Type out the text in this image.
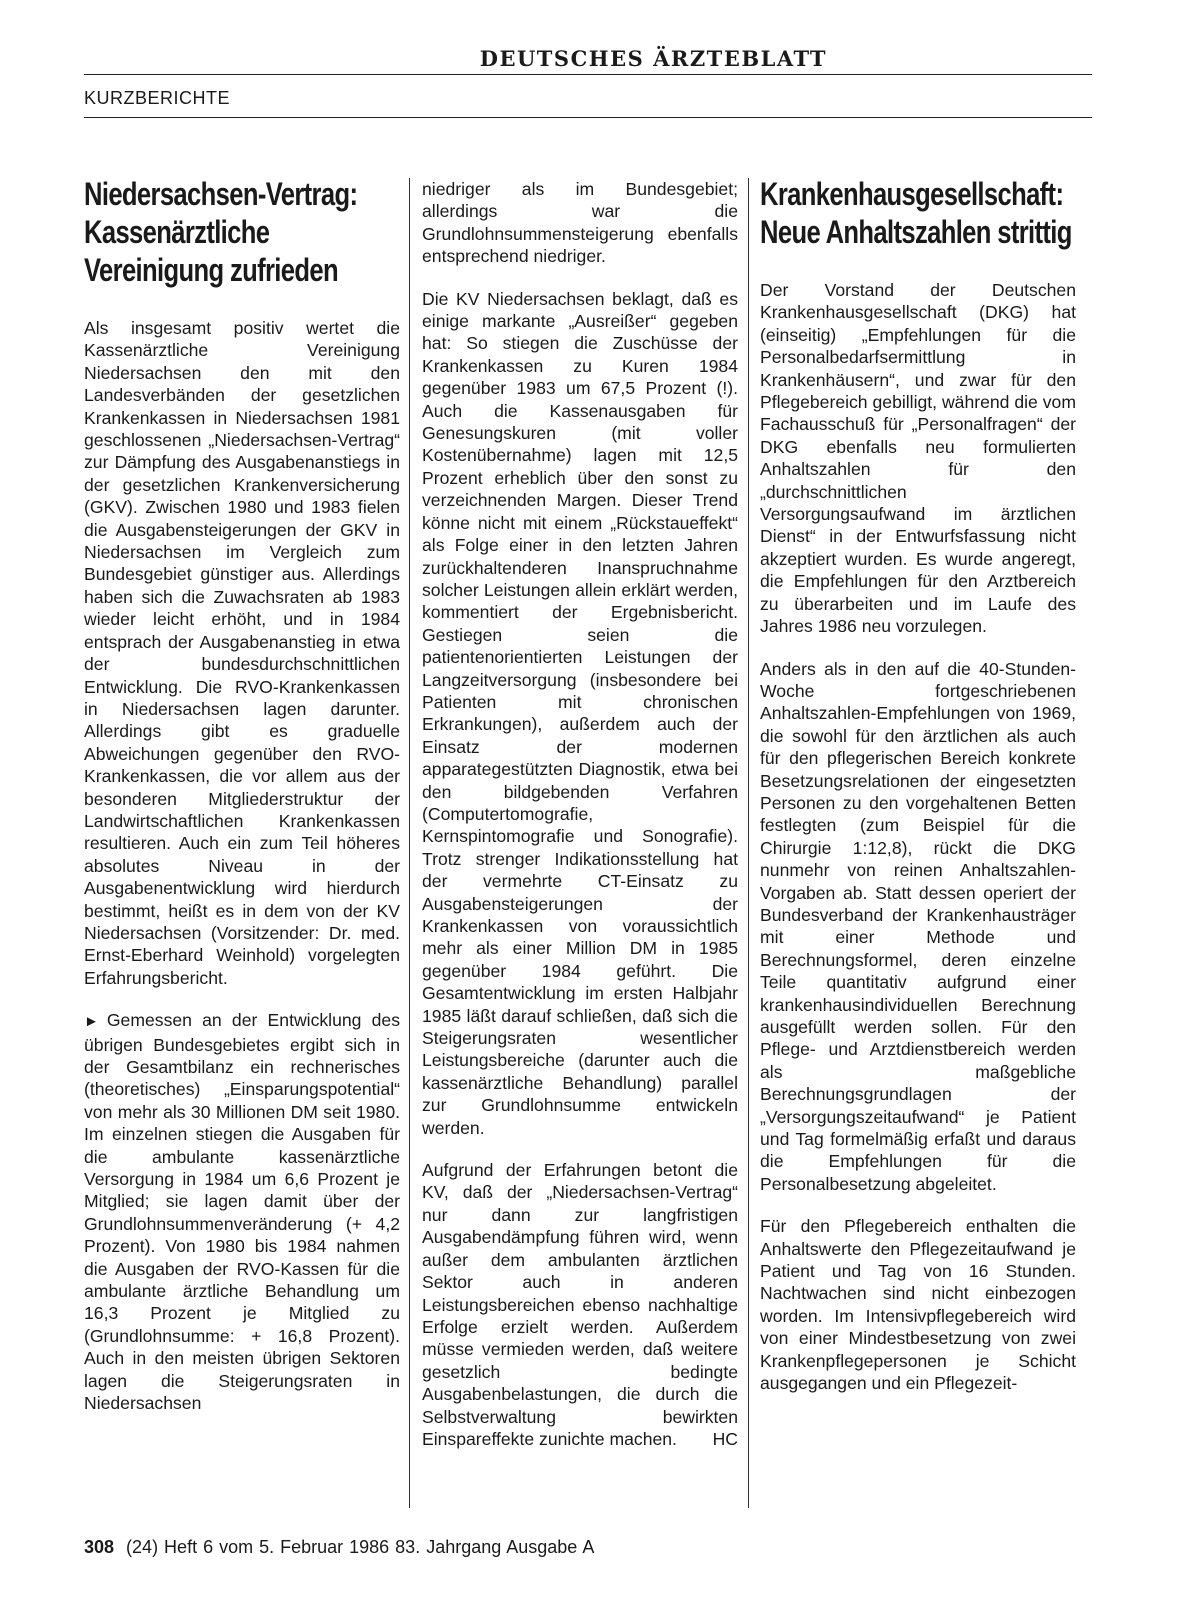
DEUTSCHES ÄRZTEBLATT
KURZBERICHTE
Niedersachsen-Vertrag: Kassenärztliche Vereinigung zufrieden

Als insgesamt positiv wertet die Kassenärztliche Vereinigung Niedersachsen den mit den Landesverbänden der gesetzlichen Krankenkassen in Niedersachsen 1981 geschlossenen „Niedersachsen-Vertrag“ zur Dämpfung des Ausgabenanstiegs in der gesetzlichen Krankenversicherung (GKV). Zwischen 1980 und 1983 fielen die Ausgabensteigerungen der GKV in Niedersachsen im Vergleich zum Bundesgebiet günstiger aus. Allerdings haben sich die Zuwachsraten ab 1983 wieder leicht erhöht, und in 1984 entsprach der Ausgabenanstieg in etwa der bundesdurchschnittlichen Entwicklung. Die RVO-Krankenkassen in Niedersachsen lagen darunter. Allerdings gibt es graduelle Abweichungen gegenüber den RVO-Krankenkassen, die vor allem aus der besonderen Mitgliederstruktur der Landwirtschaftlichen Krankenkassen resultieren. Auch ein zum Teil höheres absolutes Niveau in der Ausgabenentwicklung wird hierdurch bestimmt, heißt es in dem von der KV Niedersachsen (Vorsitzender: Dr. med. Ernst-Eberhard Weinhold) vorgelegten Erfahrungsbericht.

► Gemessen an der Entwicklung des übrigen Bundesgebietes ergibt sich in der Gesamtbilanz ein rechnerisches (theoretisches) „Einsparungspotential“ von mehr als 30 Millionen DM seit 1980. Im einzelnen stiegen die Ausgaben für die ambulante kassenärztliche Versorgung in 1984 um 6,6 Prozent je Mitglied; sie lagen damit über der Grundlohnsummenveränderung (+ 4,2 Prozent). Von 1980 bis 1984 nahmen die Ausgaben der RVO-Kassen für die ambulante ärztliche Behandlung um 16,3 Prozent je Mitglied zu (Grundlohnsumme: + 16,8 Prozent). Auch in den meisten übrigen Sektoren lagen die Steigerungsraten in Niedersachsen

niedriger als im Bundesgebiet; allerdings war die Grundlohnsummensteigerung ebenfalls entsprechend niedriger.

Die KV Niedersachsen beklagt, daß es einige markante „Ausreißer“ gegeben hat: So stiegen die Zuschüsse der Krankenkassen zu Kuren 1984 gegenüber 1983 um 67,5 Prozent (!). Auch die Kassenausgaben für Genesungskuren (mit voller Kostenübernahme) lagen mit 12,5 Prozent erheblich über den sonst zu verzeichnenden Margen. Dieser Trend könne nicht mit einem „Rückstaueffekt“ als Folge einer in den letzten Jahren zurückhaltenderen Inanspruchnahme solcher Leistungen allein erklärt werden, kommentiert der Ergebnisbericht. Gestiegen seien die patientenorientierten Leistungen der Langzeitversorgung (insbesondere bei Patienten mit chronischen Erkrankungen), außerdem auch der Einsatz der modernen apparategestützten Diagnostik, etwa bei den bildgebenden Verfahren (Computertomografie, Kernspintomografie und Sonografie). Trotz strenger Indikationsstellung hat der vermehrte CT-Einsatz zu Ausgabensteigerungen der Krankenkassen von voraussichtlich mehr als einer Million DM in 1985 gegenüber 1984 geführt. Die Gesamtentwicklung im ersten Halbjahr 1985 läßt darauf schließen, daß sich die Steigerungsraten wesentlicher Leistungsbereiche (darunter auch die kassenärztliche Behandlung) parallel zur Grundlohnsumme entwickeln werden.

Aufgrund der Erfahrungen betont die KV, daß der „Niedersachsen-Vertrag“ nur dann zur langfristigen Ausgabendämpfung führen wird, wenn außer dem ambulanten ärztlichen Sektor auch in anderen Leistungsbereichen ebenso nachhaltige Erfolge erzielt werden. Außerdem müsse vermieden werden, daß weitere gesetzlich bedingte Ausgabenbelastungen, die durch die Selbstverwaltung bewirkten Einspareffekte zunichte machen. HC

Krankenhausgesellschaft: Neue Anhaltszahlen strittig

Der Vorstand der Deutschen Krankenhausgesellschaft (DKG) hat (einseitig) „Empfehlungen für die Personalbedarfsermittlung in Krankenhäusern“, und zwar für den Pflegebereich gebilligt, während die vom Fachausschuß für „Personalfragen“ der DKG ebenfalls neu formulierten Anhaltszahlen für den „durchschnittlichen Versorgungsaufwand im ärztlichen Dienst“ in der Entwurfsfassung nicht akzeptiert wurden. Es wurde angeregt, die Empfehlungen für den Arztbereich zu überarbeiten und im Laufe des Jahres 1986 neu vorzulegen.

Anders als in den auf die 40-Stunden-Woche fortgeschriebenen Anhaltszahlen-Empfehlungen von 1969, die sowohl für den ärztlichen als auch für den pflegerischen Bereich konkrete Besetzungsrelationen der eingesetzten Personen zu den vorgehaltenen Betten festlegten (zum Beispiel für die Chirurgie 1:12,8), rückt die DKG nunmehr von reinen Anhaltszahlen-Vorgaben ab. Statt dessen operiert der Bundesverband der Krankenhausträger mit einer Methode und Berechnungsformel, deren einzelne Teile quantitativ aufgrund einer krankenhausindividuellen Berechnung ausgefüllt werden sollen. Für den Pflege- und Arztdienstbereich werden als maßgebliche Berechnungsgrundlagen der „Versorgungszeitaufwand“ je Patient und Tag formelmäßig erfaßt und daraus die Empfehlungen für die Personalbesetzung abgeleitet.

Für den Pflegebereich enthalten die Anhaltswerte den Pflegezeitaufwand je Patient und Tag von 16 Stunden. Nachtwachen sind nicht einbezogen worden. Im Intensivpflegebereich wird von einer Mindestbesetzung von zwei Krankenpflegepersonen je Schicht ausgegangen und ein Pflegezeit-

308 (24) Heft 6 vom 5. Februar 1986 83. Jahrgang Ausgabe A
